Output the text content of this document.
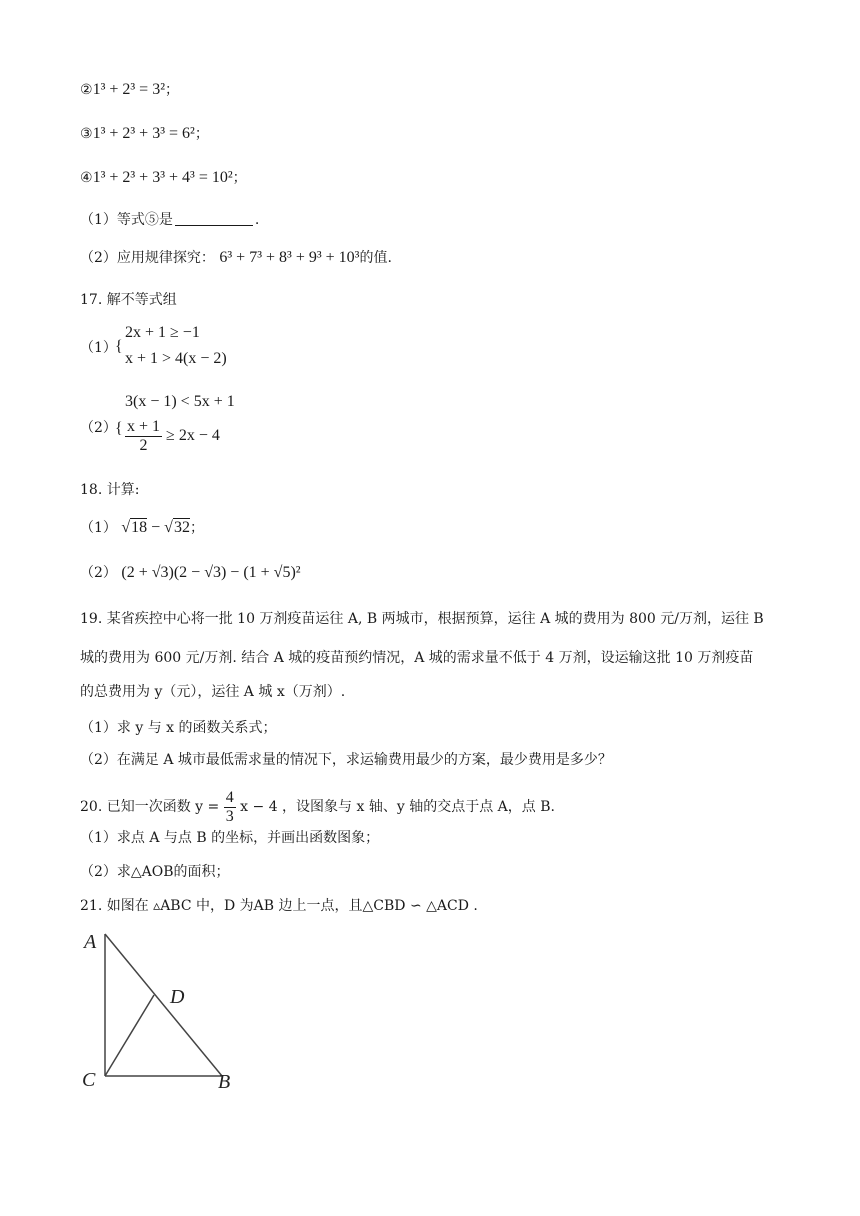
②1³ + 2³ = 3²；
③1³ + 2³ + 3³ = 6²；
④1³ + 2³ + 3³ + 4³ = 10²；
（1）等式⑤是	.
（2）应用规律探究： 6³ + 7³ + 8³ + 9³ + 10³的值.
17. 解不等式组
（1）
{
2x + 1 ≥ −1
x + 1 > 4(x − 2)
（2）
{
3(x − 1) < 5x + 1
$\frac{x + 1}{2} \ge 2x - 4$
18. 计算:
（1） √18 − √32；
（2） (2 + √3)(2 − √3) − (1 + √5)²
19. 某省疾控中心将一批 10 万剂疫苗运往 A, B 两城市，根据预算，运往 A 城的费用为 800 元/万剂，运往 B
城的费用为 600 元/万剂. 结合 A 城的疫苗预约情况，A 城的需求量不低于 4 万剂，设运输这批 10 万剂疫苗
的总费用为 y（元），运往 A 城 x（万剂）.
（1）求 y 与 x 的函数关系式；
（2）在满足 A 城市最低需求量的情况下，求运输费用最少的方案，最少费用是多少？
20. 已知一次函数 $y = \frac{4}{3}$ x − 4 ，设图象与 x 轴、y 轴的交点于点 A，点 B.
（1）求点 A 与点 B 的坐标，并画出函数图象；
（2）求△AOB的面积；
21. 如图在 ▵ABC 中，D 为AB 边上一点，且△CBD ∽ △ACD .
A
D
C	B
